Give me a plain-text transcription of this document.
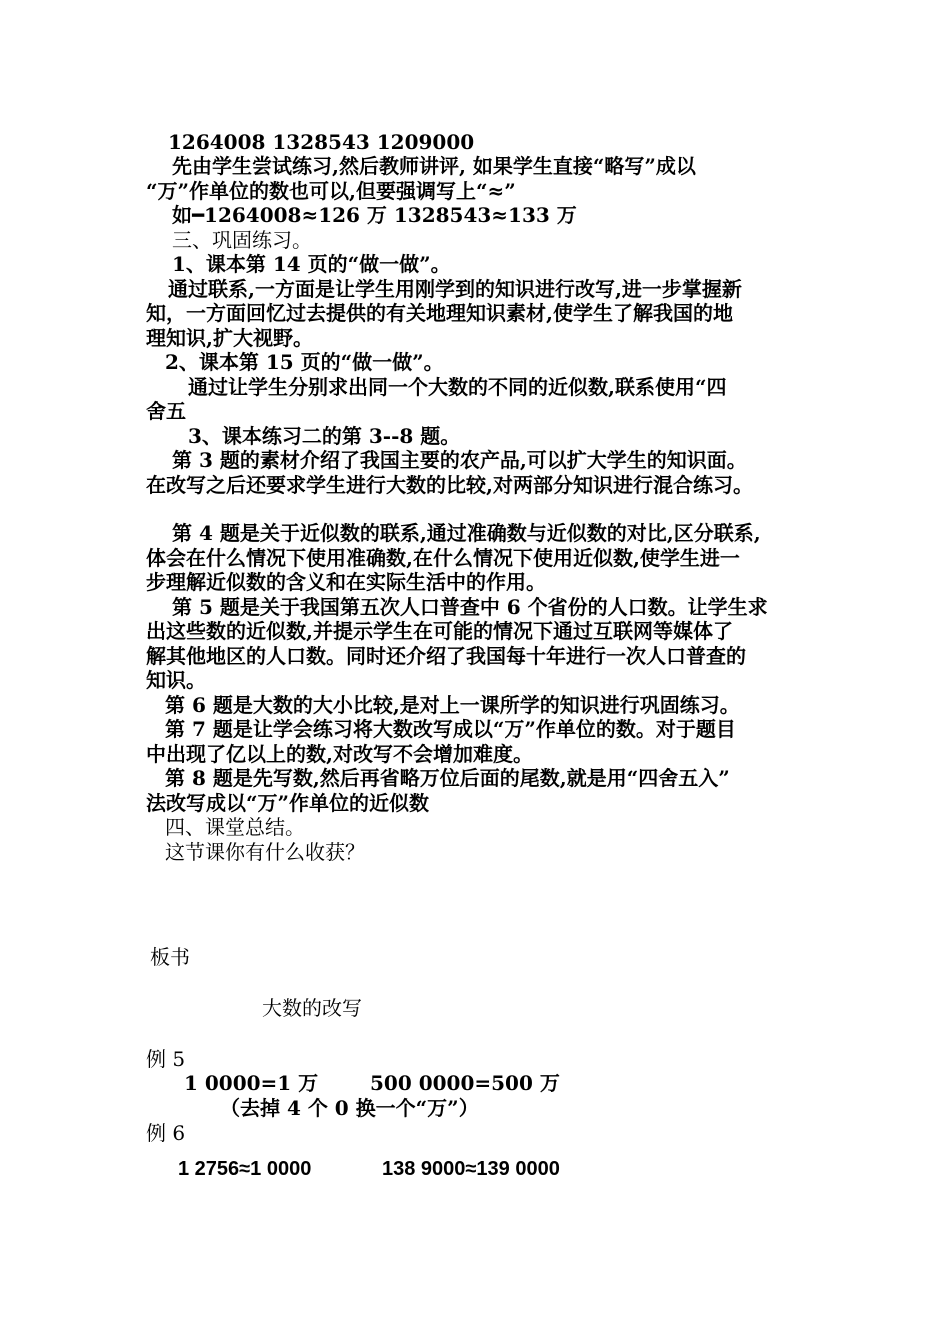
1264008 1328543 1209000
先由学生尝试练习,然后教师讲评, 如果学生直接“略写”成以
“万”作单位的数也可以,但要强调写上“≈”
如━1264008≈126 万 1328543≈133 万
三、巩固练习。
1、课本第 14 页的“做一做”。
通过联系,一方面是让学生用刚学到的知识进行改写,进一步掌握新
知，一方面回忆过去提供的有关地理知识素材,使学生了解我国的地
理知识,扩大视野。
2、课本第 15 页的“做一做”。
通过让学生分别求出同一个大数的不同的近似数,联系使用“四
舍五
3、课本练习二的第 3--8 题。
第 3 题的素材介绍了我国主要的农产品,可以扩大学生的知识面。
在改写之后还要求学生进行大数的比较,对两部分知识进行混合练习。
第 4 题是关于近似数的联系,通过准确数与近似数的对比,区分联系,
体会在什么情况下使用准确数,在什么情况下使用近似数,使学生进一
步理解近似数的含义和在实际生活中的作用。
第 5 题是关于我国第五次人口普查中 6 个省份的人口数。让学生求
出这些数的近似数,并提示学生在可能的情况下通过互联网等媒体了
解其他地区的人口数。同时还介绍了我国每十年进行一次人口普查的
知识。
第 6 题是大数的大小比较,是对上一课所学的知识进行巩固练习。
第 7 题是让学会练习将大数改写成以“万”作单位的数。对于题目
中出现了亿以上的数,对改写不会增加难度。
第 8 题是先写数,然后再省略万位后面的尾数,就是用“四舍五入”
法改写成以“万”作单位的近似数
四、课堂总结。
这节课你有什么收获？
板书
大数的改写
例 5
1 0000=1 万	500 0000=500 万
（去掉 4 个 0 换一个“万”）
例 6
1 2756≈1 0000	138 9000≈139 0000
